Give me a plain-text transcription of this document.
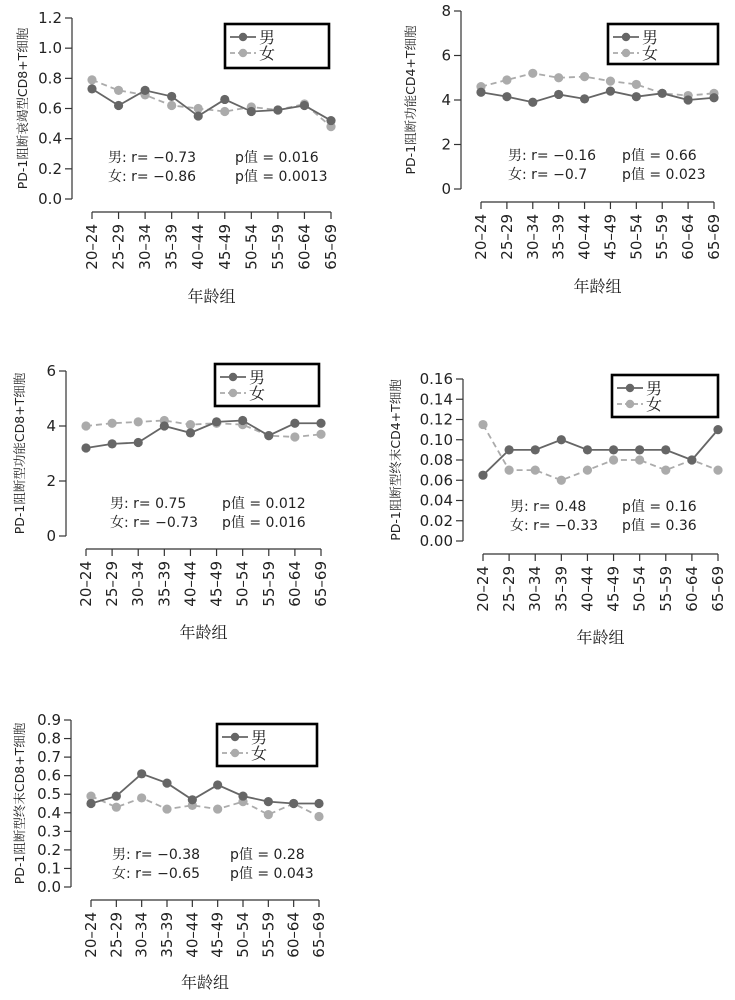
0.0
0.2
0.4
0.6
0.8
1.0
1.2
20–24 25–29 30–34 35–39 40–44 45–49 50–54 55–59 60–64 65–69
年龄组
PD-1阻断衰竭型CD8+T细胞	男
女
男: r= −0.73	p值 = 0.016
女: r= −0.86	p值 = 0.0013
0
2
4
6
8
20–24 25–29 30–34 35–39 40–44 45–49 50–54 55–59 60–64 65–69
年龄组
PD-1阻断功能CD4+T细胞	男
女
男: r= −0.16 p值 = 0.66
女: r= −0.7 p值 = 0.023
0
2
4
6
20–24 25–29 30–34 35–39 40–44 45–49 50–54 55–59 60–64 65–69
年龄组
PD-1阻断型功能CD8+T细胞	男
女
男: r= 0.75	p值 = 0.012
女: r= −0.73 p值 = 0.016
0.00
0.02
0.04
0.06
0.08
0.10
0.12
0.14
0.16
20–24 25–29 30–34 35–39 40–44 45–49 50–54 55–59 60–64 65–69
年龄组
PD-1阻断型终末CD4+T细胞	男
女
男: r= 0.48	p值 = 0.16
女: r= −0.33 p值 = 0.36
0.0
0.1
0.2
0.3
0.4
0.5
0.6
0.7
0.8
0.9
20–24 25–29 30–34 35–39 40–44 45–49 50–54 55–59 60–64 65–69
年龄组
PD-1阻断型终末CD8+T细胞	男
女
男: r= −0.38 p值 = 0.28
女: r= −0.65 p值 = 0.043
